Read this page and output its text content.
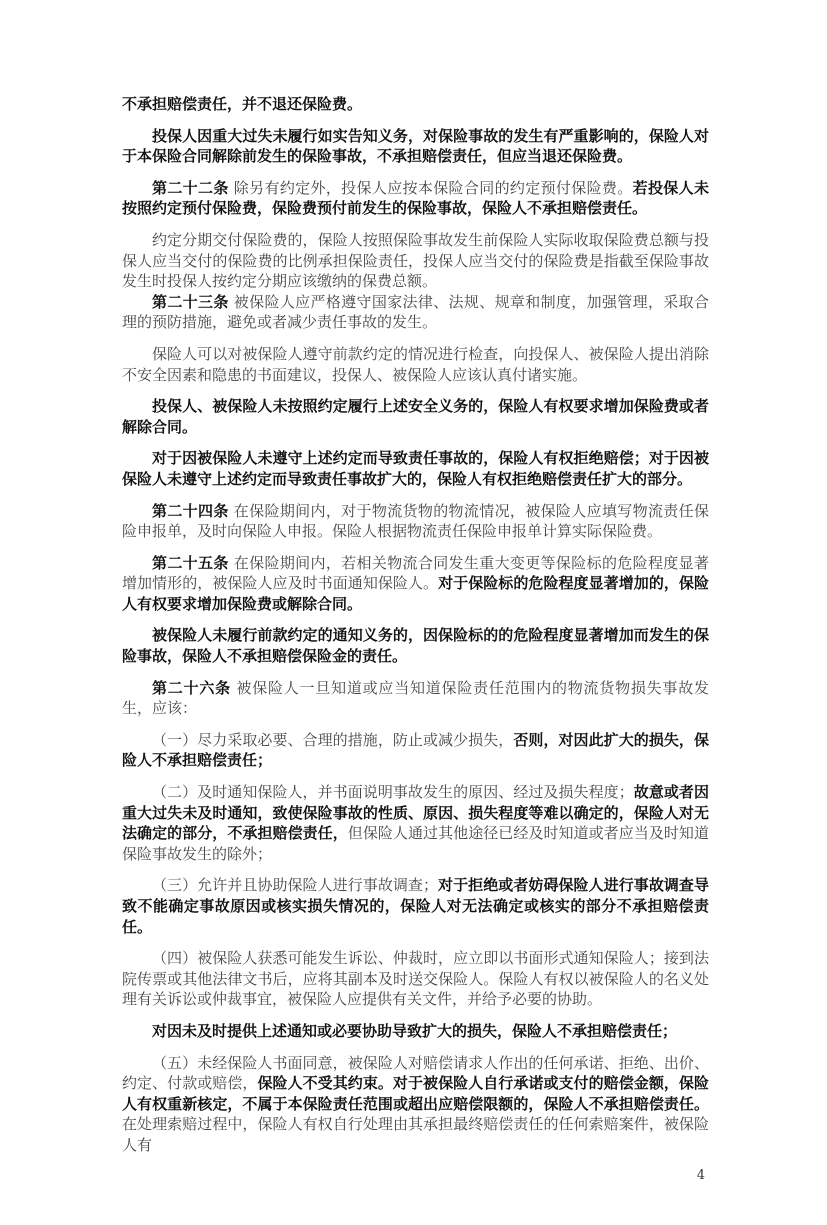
不承担赔偿责任，并不退还保险费。

投保人因重大过失未履行如实告知义务，对保险事故的发生有严重影响的，保险人对于本保险合同解除前发生的保险事故，不承担赔偿责任，但应当退还保险费。

第二十二条 除另有约定外，投保人应按本保险合同的约定预付保险费。若投保人未按照约定预付保险费，保险费预付前发生的保险事故，保险人不承担赔偿责任。

约定分期交付保险费的，保险人按照保险事故发生前保险人实际收取保险费总额与投保人应当交付的保险费的比例承担保险责任，投保人应当交付的保险费是指截至保险事故发生时投保人按约定分期应该缴纳的保费总额。

第二十三条 被保险人应严格遵守国家法律、法规、规章和制度，加强管理，采取合理的预防措施，避免或者减少责任事故的发生。

保险人可以对被保险人遵守前款约定的情况进行检查，向投保人、被保险人提出消除不安全因素和隐患的书面建议，投保人、被保险人应该认真付诸实施。

投保人、被保险人未按照约定履行上述安全义务的，保险人有权要求增加保险费或者解除合同。

对于因被保险人未遵守上述约定而导致责任事故的，保险人有权拒绝赔偿；对于因被保险人未遵守上述约定而导致责任事故扩大的，保险人有权拒绝赔偿责任扩大的部分。

第二十四条 在保险期间内，对于物流货物的物流情况，被保险人应填写物流责任保险申报单，及时向保险人申报。保险人根据物流责任保险申报单计算实际保险费。

第二十五条 在保险期间内，若相关物流合同发生重大变更等保险标的危险程度显著增加情形的，被保险人应及时书面通知保险人。对于保险标的危险程度显著增加的，保险人有权要求增加保险费或解除合同。

被保险人未履行前款约定的通知义务的，因保险标的的危险程度显著增加而发生的保险事故，保险人不承担赔偿保险金的责任。

第二十六条 被保险人一旦知道或应当知道保险责任范围内的物流货物损失事故发生，应该：

（一）尽力采取必要、合理的措施，防止或减少损失，否则，对因此扩大的损失，保险人不承担赔偿责任；

（二）及时通知保险人，并书面说明事故发生的原因、经过及损失程度；故意或者因重大过失未及时通知，致使保险事故的性质、原因、损失程度等难以确定的，保险人对无法确定的部分，不承担赔偿责任，但保险人通过其他途径已经及时知道或者应当及时知道保险事故发生的除外；

（三）允许并且协助保险人进行事故调查；对于拒绝或者妨碍保险人进行事故调查导致不能确定事故原因或核实损失情况的，保险人对无法确定或核实的部分不承担赔偿责任。

（四）被保险人获悉可能发生诉讼、仲裁时，应立即以书面形式通知保险人；接到法院传票或其他法律文书后，应将其副本及时送交保险人。保险人有权以被保险人的名义处理有关诉讼或仲裁事宜，被保险人应提供有关文件，并给予必要的协助。

对因未及时提供上述通知或必要协助导致扩大的损失，保险人不承担赔偿责任；

（五）未经保险人书面同意，被保险人对赔偿请求人作出的任何承诺、拒绝、出价、约定、付款或赔偿，保险人不受其约束。对于被保险人自行承诺或支付的赔偿金额，保险人有权重新核定，不属于本保险责任范围或超出应赔偿限额的，保险人不承担赔偿责任。在处理索赔过程中，保险人有权自行处理由其承担最终赔偿责任的任何索赔案件，被保险人有

4
